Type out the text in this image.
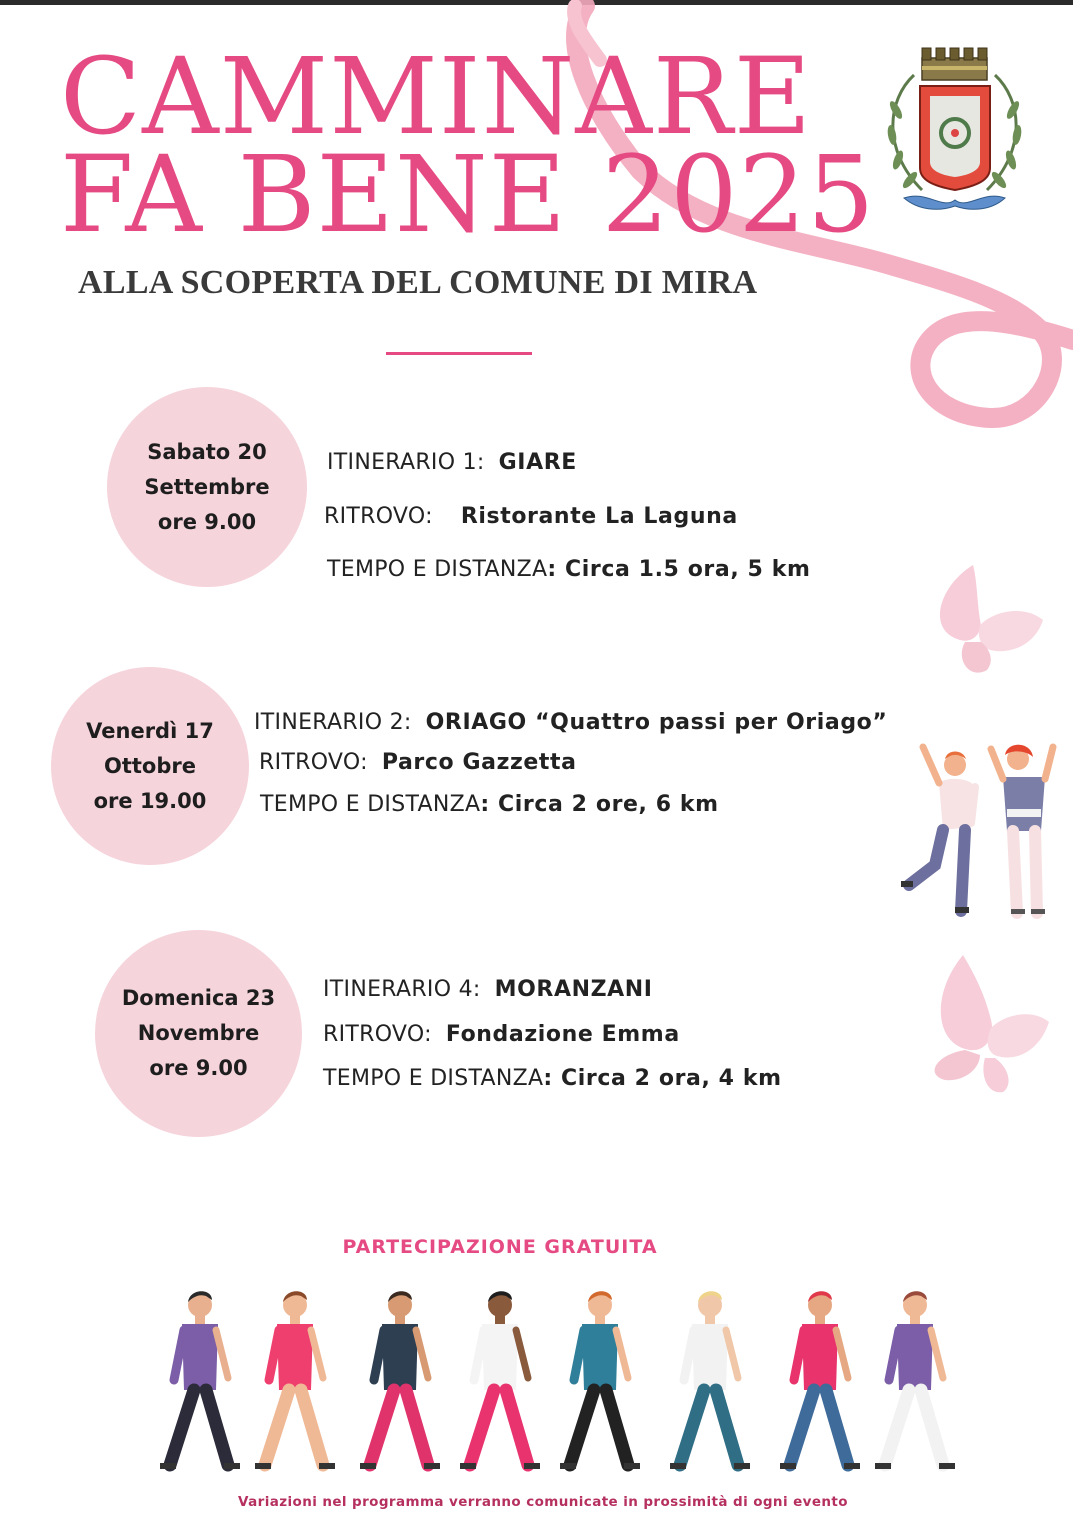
CAMMINARE
FA BENE 2025
ALLA SCOPERTA DEL COMUNE DI MIRA
Sabato 20
Settembre
ore 9.00
ITINERARIO 1: GIARE
RITROVO: Ristorante La Laguna
TEMPO E DISTANZA: Circa 1.5 ora, 5 km
Venerdì 17
Ottobre
ore 19.00
ITINERARIO 2: ORIAGO “Quattro passi per Oriago”
RITROVO: Parco Gazzetta
TEMPO E DISTANZA: Circa 2 ore, 6 km
Domenica 23
Novembre
ore 9.00
ITINERARIO 4: MORANZANI
RITROVO: Fondazione Emma
TEMPO E DISTANZA: Circa 2 ora, 4 km
PARTECIPAZIONE GRATUITA
Variazioni nel programma verranno comunicate in prossimità di ogni evento
